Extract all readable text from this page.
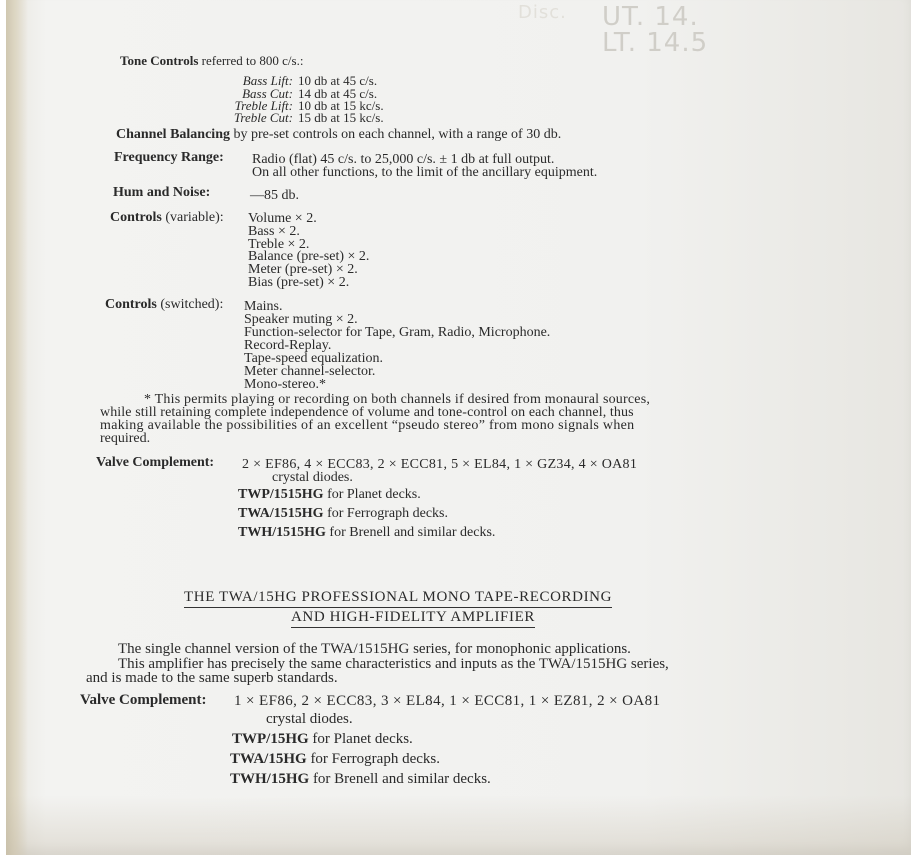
Disc. UT. 14.
LT. 14.5
Tone Controls referred to 800 c/s.:
Bass Lift: 10 db at 45 c/s.
Bass Cut: 14 db at 45 c/s.
Treble Lift: 10 db at 15 kc/s.
Treble Cut: 15 db at 15 kc/s.
Channel Balancing by pre-set controls on each channel, with a range of 30 db.
Frequency Range: Radio (flat) 45 c/s. to 25,000 c/s. ± 1 db at full output.
On all other functions, to the limit of the ancillary equipment.
Hum and Noise:	—85 db.
Controls (variable): Volume × 2.
Bass × 2.
Treble × 2.
Balance (pre-set) × 2.
Meter (pre-set) × 2.
Bias (pre-set) × 2.
Controls (switched): Mains.
Speaker muting × 2.
Function-selector for Tape, Gram, Radio, Microphone.
Record-Replay.
Tape-speed equalization.
Meter channel-selector.
Mono-stereo.*
* This permits playing or recording on both channels if desired from monaural sources,
while still retaining complete independence of volume and tone-control on each channel, thus
making available the possibilities of an excellent “pseudo stereo” from mono signals when
required.
Valve Complement: 2 × EF86, 4 × ECC83, 2 × ECC81, 5 × EL84, 1 × GZ34, 4 × OA81
crystal diodes.
TWP/1515HG for Planet decks.
TWA/1515HG for Ferrograph decks.
TWH/1515HG for Brenell and similar decks.
THE TWA/15HG PROFESSIONAL MONO TAPE-RECORDING
AND HIGH-FIDELITY AMPLIFIER
The single channel version of the TWA/1515HG series, for monophonic applications.
This amplifier has precisely the same characteristics and inputs as the TWA/1515HG series,
and is made to the same superb standards.
Valve Complement: 1 × EF86, 2 × ECC83, 3 × EL84, 1 × ECC81, 1 × EZ81, 2 × OA81
crystal diodes.
TWP/15HG for Planet decks.
TWA/15HG for Ferrograph decks.
TWH/15HG for Brenell and similar decks.
